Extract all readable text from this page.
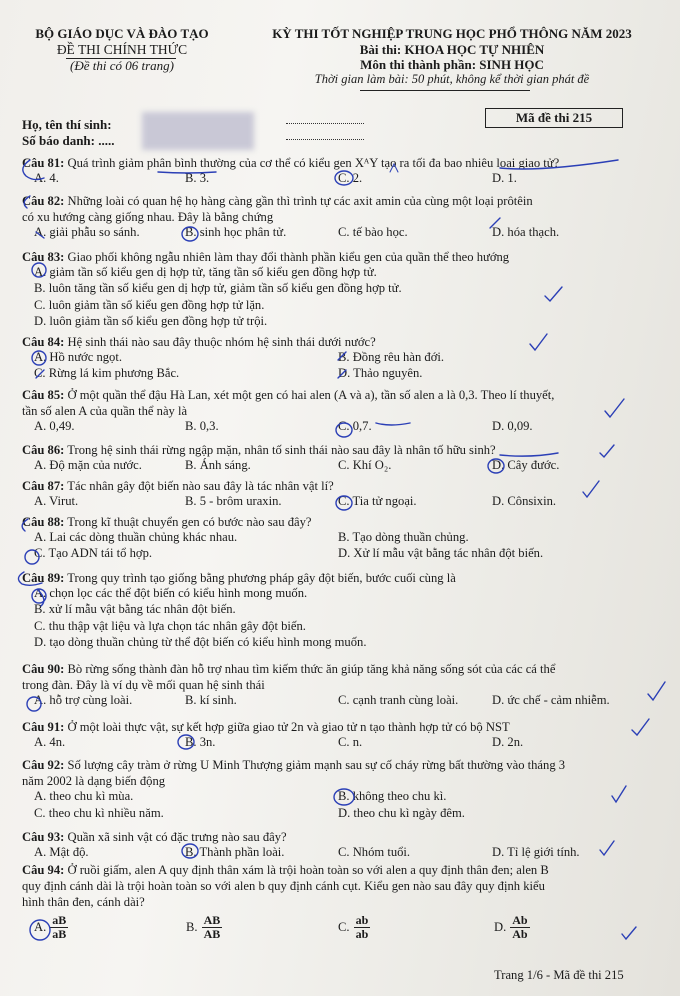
BỘ GIÁO DỤC VÀ ĐÀO TẠO
ĐỀ THI CHÍNH THỨC
(Đề thi có 06 trang)
KỲ THI TỐT NGHIỆP TRUNG HỌC PHỔ THÔNG NĂM 2023
Bài thi: KHOA HỌC TỰ NHIÊN
Môn thi thành phần: SINH HỌC
Thời gian làm bài: 50 phút, không kể thời gian phát đề
Họ, tên thí sinh:
Số báo danh: .....
Mã đề thi 215
Câu 81: Quá trình giảm phân bình thường của cơ thể có kiểu gen XᴬY tạo ra tối đa bao nhiêu loại giao tử?
A. 4.	B. 3.	C. 2.	D. 1.
Câu 82: Những loài có quan hệ họ hàng càng gần thì trình tự các axit amin của cùng một loại prôtêin
có xu hướng càng giống nhau. Đây là bằng chứng
A. giải phẫu so sánh.	B. sinh học phân tử.	C. tế bào học.	D. hóa thạch.
Câu 83: Giao phối không ngẫu nhiên làm thay đổi thành phần kiểu gen của quần thể theo hướng
A. giảm tần số kiểu gen dị hợp tử, tăng tần số kiểu gen đồng hợp tử.
B. luôn tăng tần số kiểu gen dị hợp tử, giảm tần số kiểu gen đồng hợp tử.
C. luôn giảm tần số kiểu gen đồng hợp tử lặn.
D. luôn giảm tần số kiểu gen đồng hợp tử trội.
Câu 84: Hệ sinh thái nào sau đây thuộc nhóm hệ sinh thái dưới nước?
A. Hồ nước ngọt.	B. Đồng rêu hàn đới.
C. Rừng lá kim phương Bắc.	D. Thảo nguyên.
Câu 85: Ở một quần thể đậu Hà Lan, xét một gen có hai alen (A và a), tần số alen a là 0,3. Theo lí thuyết,
tần số alen A của quần thể này là
A. 0,49.	B. 0,3.	C. 0,7.	D. 0,09.
Câu 86: Trong hệ sinh thái rừng ngập mặn, nhân tố sinh thái nào sau đây là nhân tố hữu sinh?
A. Độ mặn của nước.	B. Ánh sáng.	C. Khí O₂.	D. Cây đước.
Câu 87: Tác nhân gây đột biến nào sau đây là tác nhân vật lí?
A. Virut.	B. 5 - brôm uraxin.	C. Tia tử ngoại.	D. Cônsixin.
Câu 88: Trong kĩ thuật chuyển gen có bước nào sau đây?
A. Lai các dòng thuần chủng khác nhau.	B. Tạo dòng thuần chủng.
C. Tạo ADN tái tổ hợp.	D. Xử lí mẫu vật bằng tác nhân đột biến.
Câu 89: Trong quy trình tạo giống bằng phương pháp gây đột biến, bước cuối cùng là
A. chọn lọc các thể đột biến có kiểu hình mong muốn.
B. xử lí mẫu vật bằng tác nhân đột biến.
C. thu thập vật liệu và lựa chọn tác nhân gây đột biến.
D. tạo dòng thuần chủng từ thể đột biến có kiểu hình mong muốn.
Câu 90: Bò rừng sống thành đàn hỗ trợ nhau tìm kiếm thức ăn giúp tăng khả năng sống sót của các cá thể
trong đàn. Đây là ví dụ về mối quan hệ sinh thái
A. hỗ trợ cùng loài.	B. kí sinh.	C. cạnh tranh cùng loài.	D. ức chế - cảm nhiễm.
Câu 91: Ở một loài thực vật, sự kết hợp giữa giao tử 2n và giao tử n tạo thành hợp tử có bộ NST
A. 4n.	B. 3n.	C. n.	D. 2n.
Câu 92: Số lượng cây tràm ở rừng U Minh Thượng giảm mạnh sau sự cố cháy rừng bất thường vào tháng 3
năm 2002 là dạng biến động
A. theo chu kì mùa.	B. không theo chu kì.
C. theo chu kì nhiều năm.	D. theo chu kì ngày đêm.
Câu 93: Quần xã sinh vật có đặc trưng nào sau đây?
A. Mật độ.	B. Thành phần loài.	C. Nhóm tuổi.	D. Tỉ lệ giới tính.
Câu 94: Ở ruồi giấm, alen A quy định thân xám là trội hoàn toàn so với alen a quy định thân đen; alen B
quy định cánh dài là trội hoàn toàn so với alen b quy định cánh cụt. Kiểu gen nào sau đây quy định kiểu
hình thân đen, cánh dài?
A. $\frac{aB}{aB}$	B. $\frac{AB}{AB}$	C. $\frac{ab}{ab}$	D. $\frac{Ab}{Ab}$
Trang 1/6 - Mã đề thi 215
